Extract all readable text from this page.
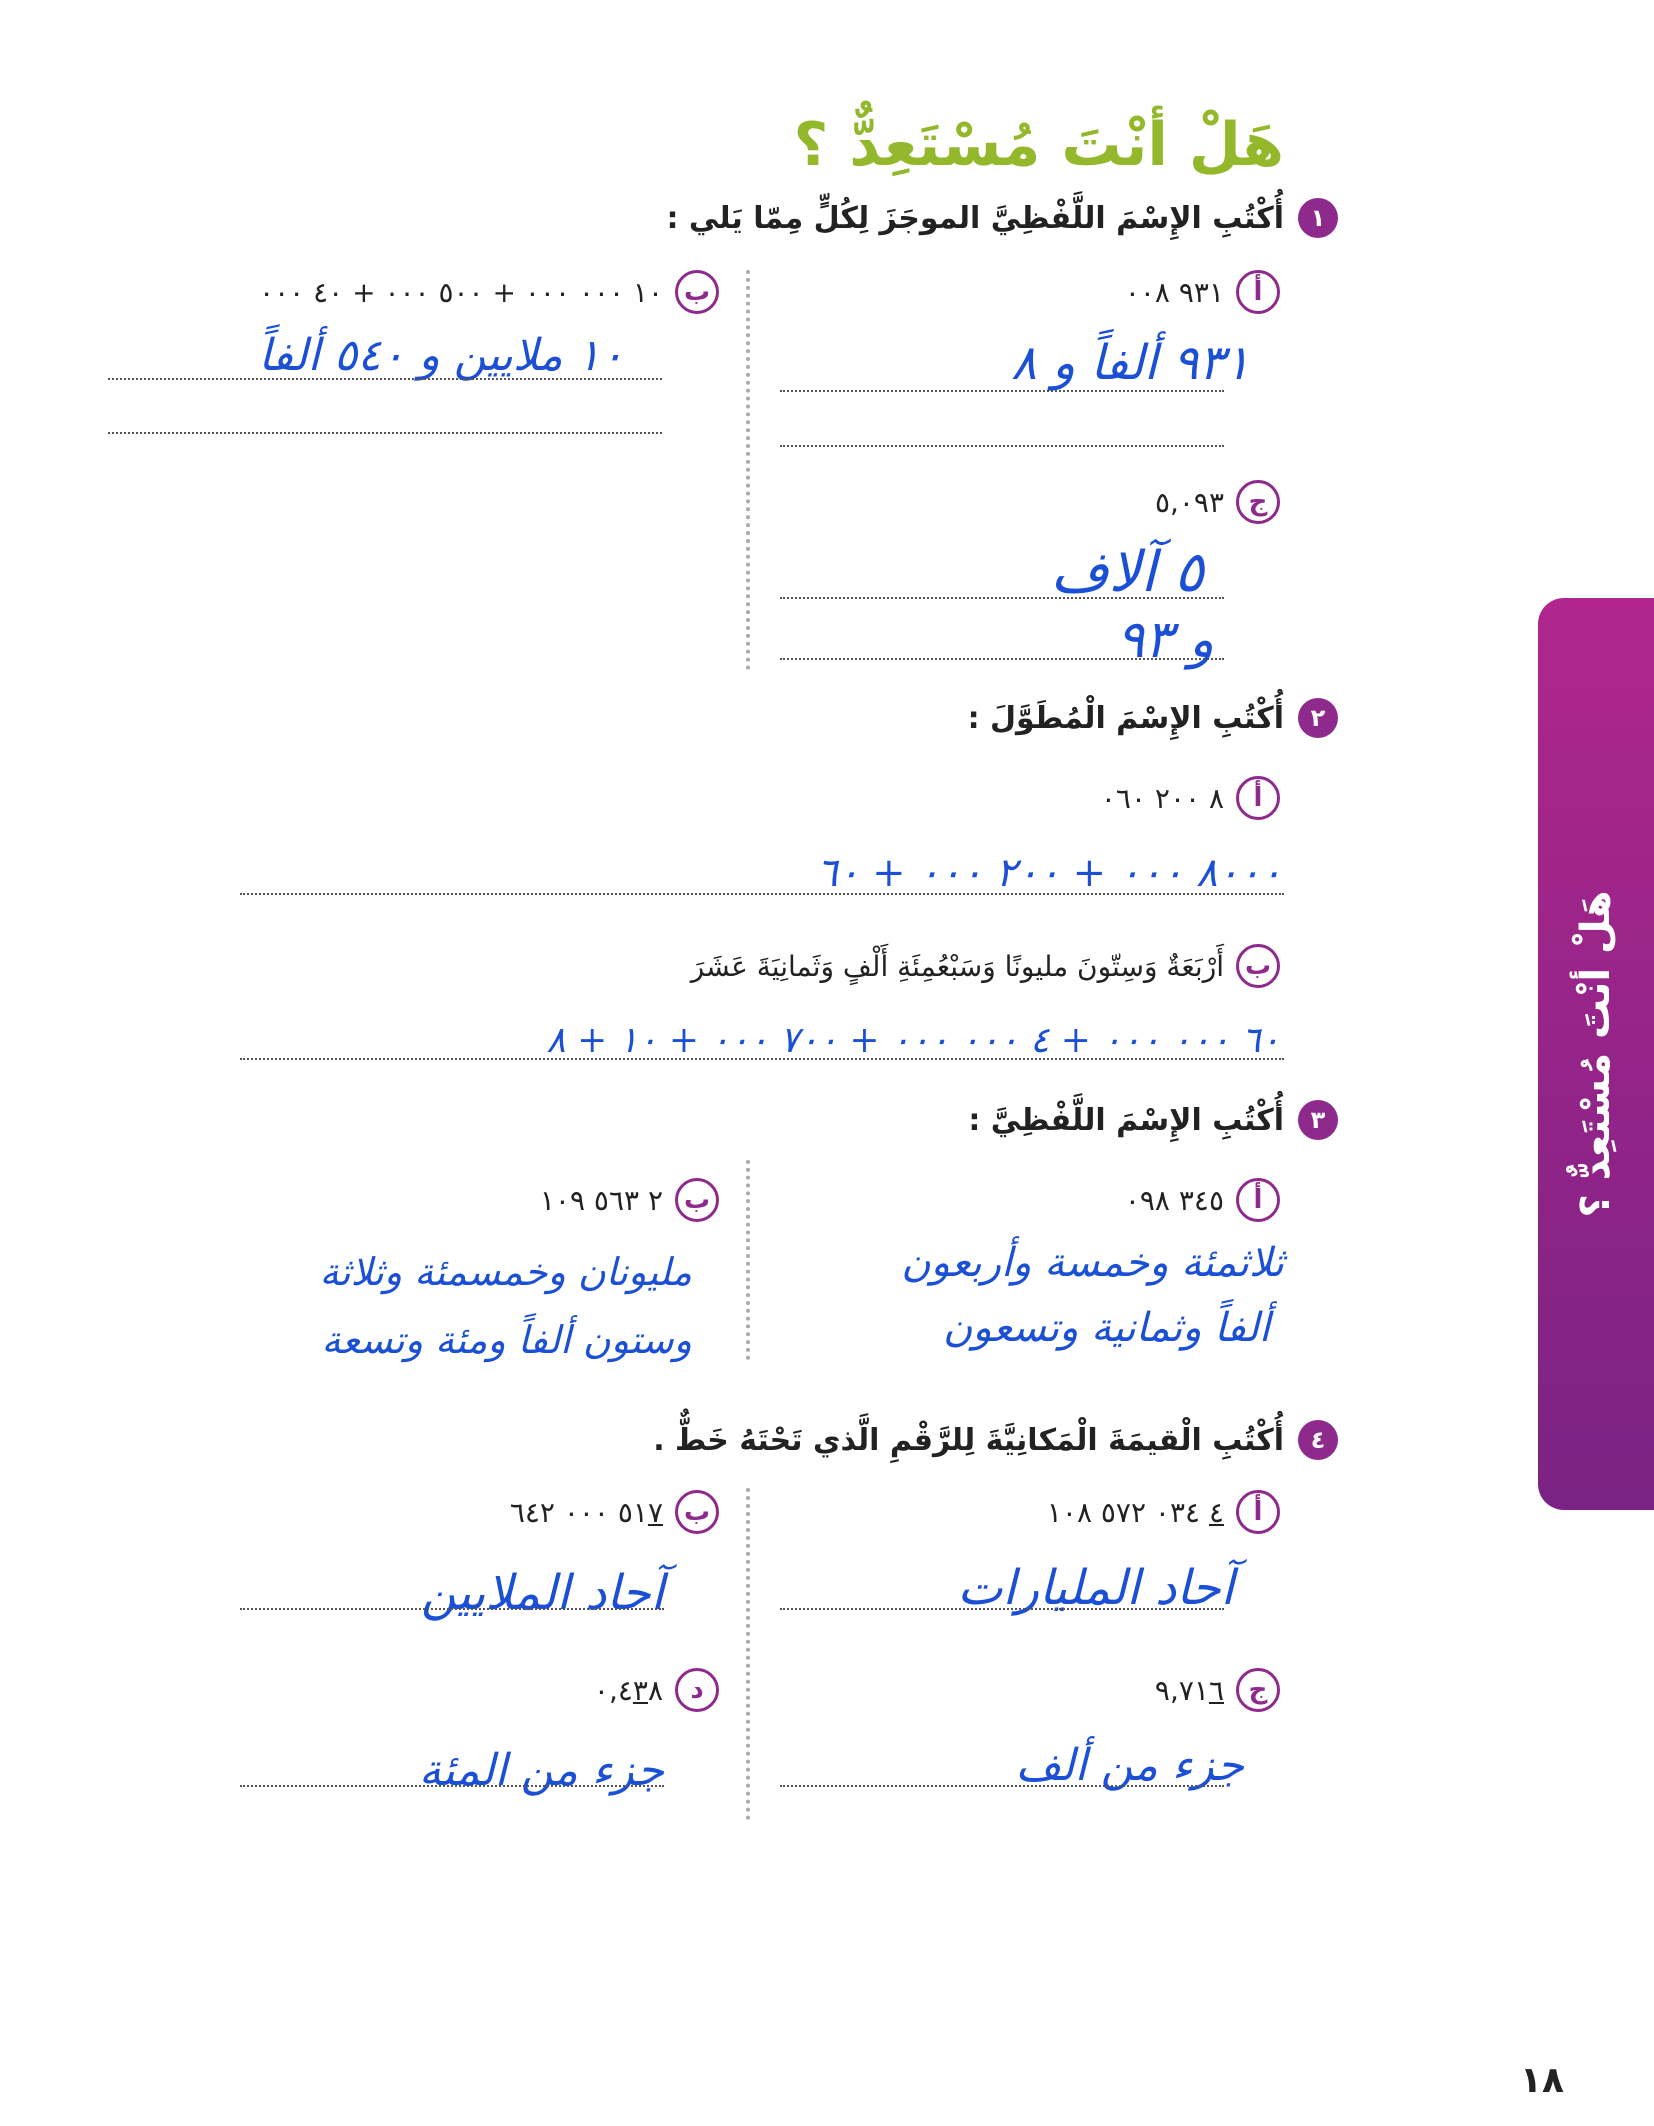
هَلْ أنْتَ مُسْتَعِدٌّ ؟
هَلْ أنْتَ مُسْتَعِدٌّ ؟
١
أُكْتُبِ الإِسْمَ اللَّفْظِيَّ الموجَزَ لِكُلٍّ مِمّا يَلي :
أ
٩٣١ ٠٠٨
٩٣١ ألفاً و ٨
ب
١٠ ٠٠٠ ٠٠٠ + ٥٠٠ ٠٠٠ + ٤٠ ٠٠٠
١٠ ملايين و ٥٤٠ ألفاً
ج
٥,٠٩٣
٥ آلاف
و ٩٣
٢
أُكْتُبِ الإِسْمَ الْمُطَوَّلَ :
أ
٨ ٢٠٠ ٠٦٠
٨٠٠٠ ٠٠٠ + ٢٠٠ ٠٠٠ + ٦٠
ب
أَرْبَعَةٌ وَسِتّونَ مليونًا وَسَبْعُمِئَةِ أَلْفٍ وَثَمانِيَةَ عَشَرَ
٦٠ ٠٠٠ ٠٠٠ + ٤ ٠٠٠ ٠٠٠ + ٧٠٠ ٠٠٠ + ١٠ + ٨
٣
أُكْتُبِ الإِسْمَ اللَّفْظِيَّ :
أ
٣٤٥ ٠٩٨
ثلاثمئة وخمسة وأربعون
ألفاً وثمانية وتسعون
ب
٢ ٥٦٣ ١٠٩
مليونان وخمسمئة وثلاثة
وستون ألفاً ومئة وتسعة
٤
أُكْتُبِ الْقيمَةَ الْمَكانِيَّةَ لِلرَّقْمِ الَّذي تَحْتَهُ خَطٌّ .
أ
٤ ٠٣٤ ٥٧٢ ١٠٨
آحاد المليارات
ب
٥١٧ ٠٠٠ ٦٤٢
آحاد الملايين
ج
٩,٧١٦
جزء من ألف
د
٠,٤٣٨
جزء من المئة
١٨
